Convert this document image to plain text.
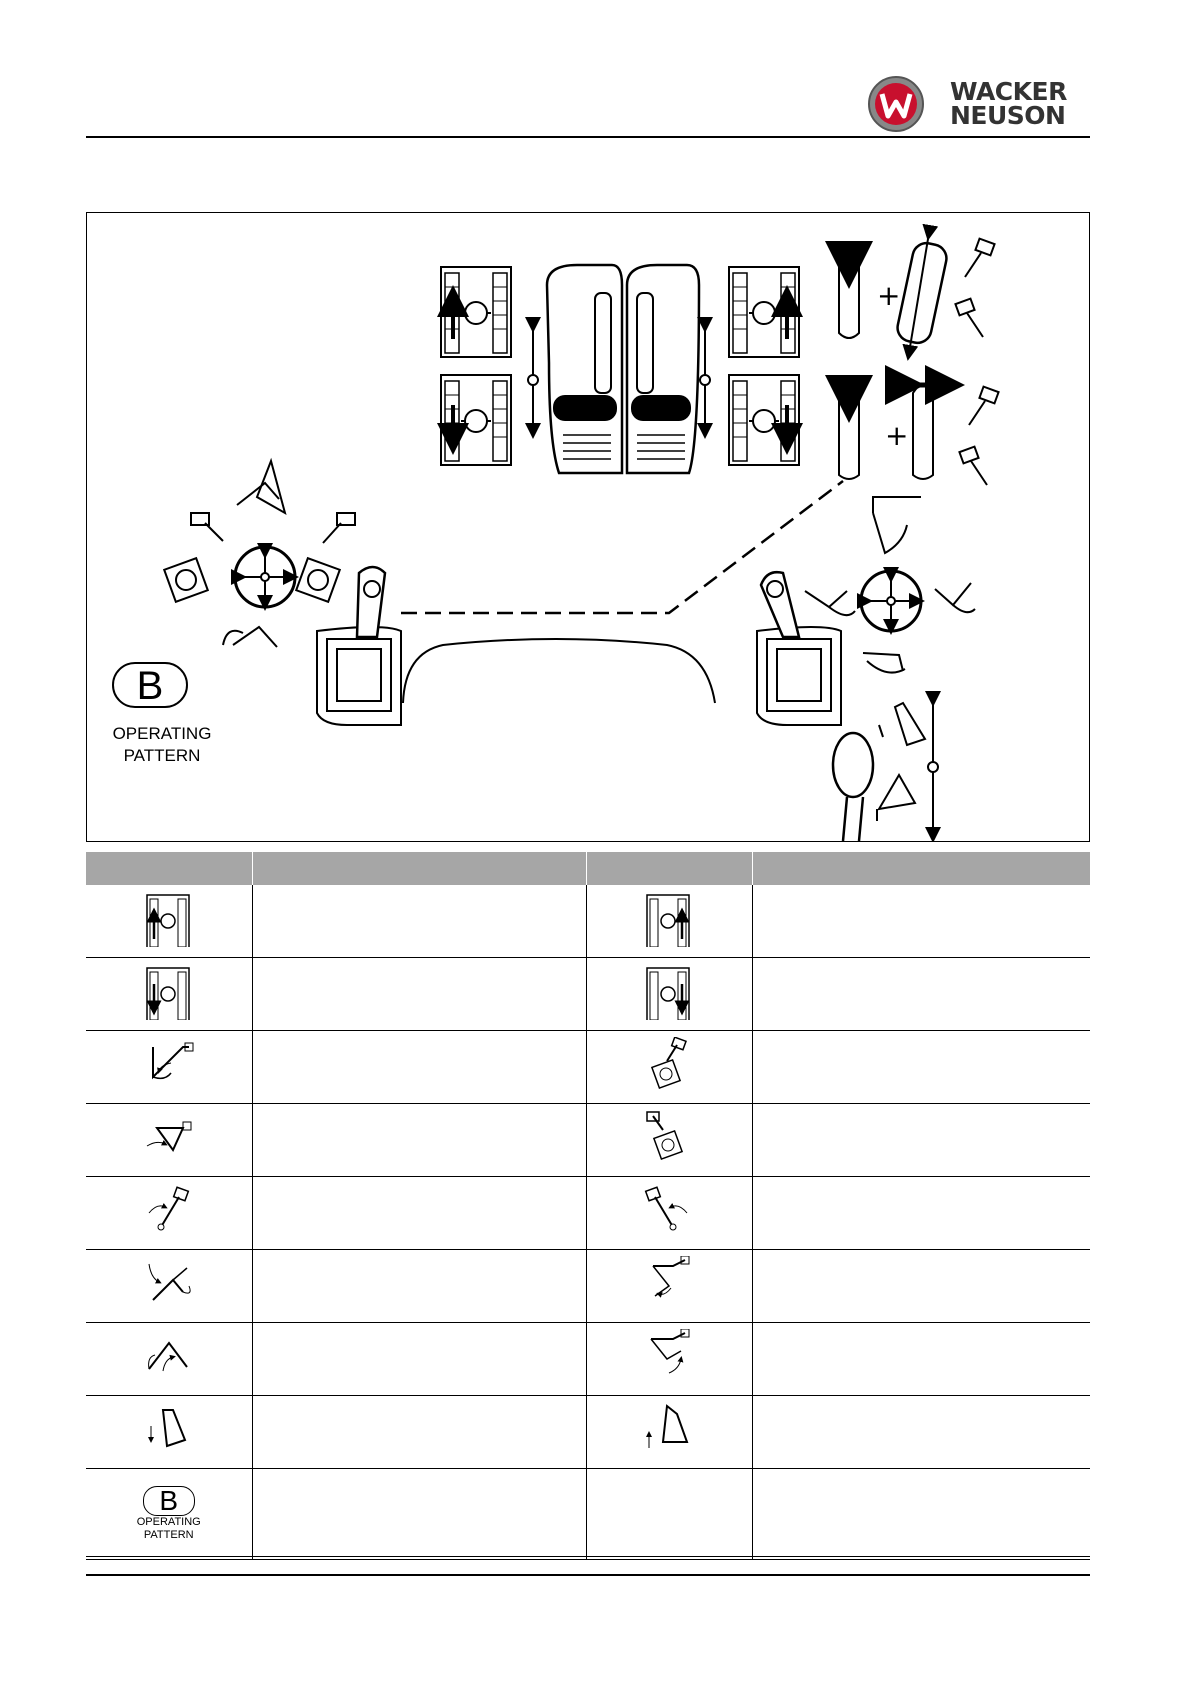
WACKER
NEUSON
+
+
B
OPERATING
PATTERN

B
OPERATING
PATTERN			
